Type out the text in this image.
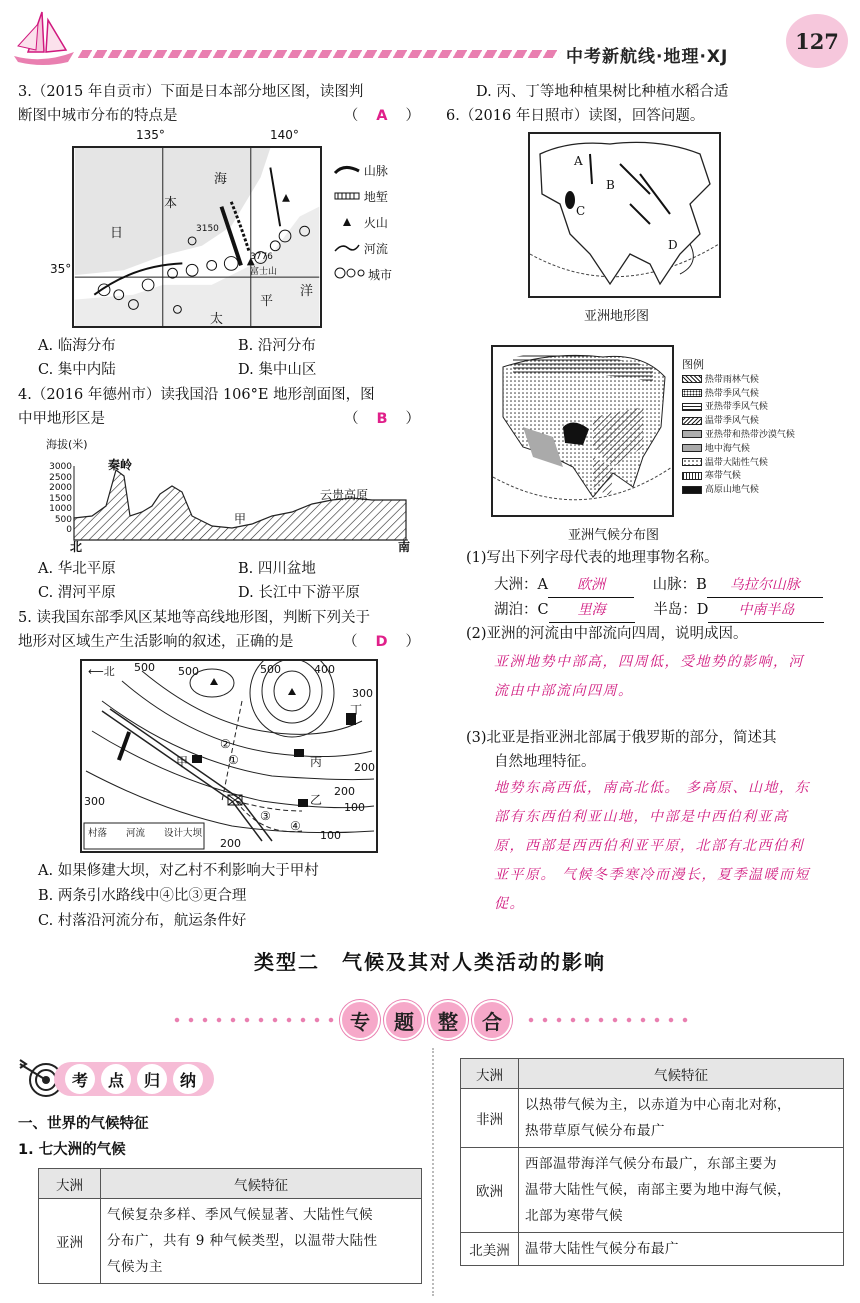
中考新航线·地理·XJ
127
3.（2015 年自贡市）下面是日本部分地区图，读图判
断图中城市分布的特点是	（ A ）
135°	140°
35°
海
本
日
太
平
洋
3150
3776
富士山
山脉
地堑
火山
河流
城市
A. 临海分布	B. 沿河分布
C. 集中内陆	D. 集中山区
4.（2016 年德州市）读我国沿 106°E 地形剖面图，图
中甲地形区是	（ B ）
海拔(米)
3000
2500
2000
1500
1000
500
0
秦岭
云贵高原
甲
北	南
A. 华北平原	B. 四川盆地
C. 渭河平原	D. 长江中下游平原
5. 读我国东部季风区某地等高线地形图，判断下列关于
地形对区域生产生活影响的叙述，正确的是	（ D ）
⟵北 500 500	500	400
300
200
300
200
100
100
200
甲
乙
丙
丁
①
②
③
④
村落 河流 设计大坝
A. 如果修建大坝，对乙村不利影响大于甲村
B. 两条引水路线中④比③更合理
C. 村落沿河流分布，航运条件好
D. 丙、丁等地种植果树比种植水稻合适
6.（2016 年日照市）读图，回答问题。
A
B
C
D
亚洲地形图
亚洲气候分布图
图例
热带雨林气候
热带季风气候
亚热带季风气候
温带季风气候
亚热带和热带沙漠气候
地中海气候
温带大陆性气候
寒带气候
高原山地气候
(1)写出下列字母代表的地理事物名称。
大洲：A 欧洲	山脉：B 乌拉尔山脉
湖泊：C 里海	半岛：D 中南半岛
(2)亚洲的河流由中部流向四周，说明成因。
亚洲地势中部高，四周低，受地势的影响，河
流由中部流向四周。
(3)北亚是指亚洲北部属于俄罗斯的部分，简述其
自然地理特征。
地势东高西低，南高北低。 多高原、山地，东
部有东西伯利亚山地，中部是中西伯利亚高
原，西部是西西伯利亚平原，北部有北西伯利
亚平原。 气候冬季寒冷而漫长，夏季温暖而短
促。
类型二　气候及其对人类活动的影响
专	题	整	合
考	点	归	纳
一、世界的气候特征
1. 七大洲的气候
大洲	气候特征
亚洲	气候复杂多样、季风气候显著、大陆性气候
分布广，共有 9 种气候类型，以温带大陆性
气候为主
大洲	气候特征
非洲	以热带气候为主，以赤道为中心南北对称，
热带草原气候分布最广

欧洲	西部温带海洋气候分布最广，东部主要为
温带大陆性气候，南部主要为地中海气候，
北部为寒带气候

北美洲	温带大陆性气候分布最广
